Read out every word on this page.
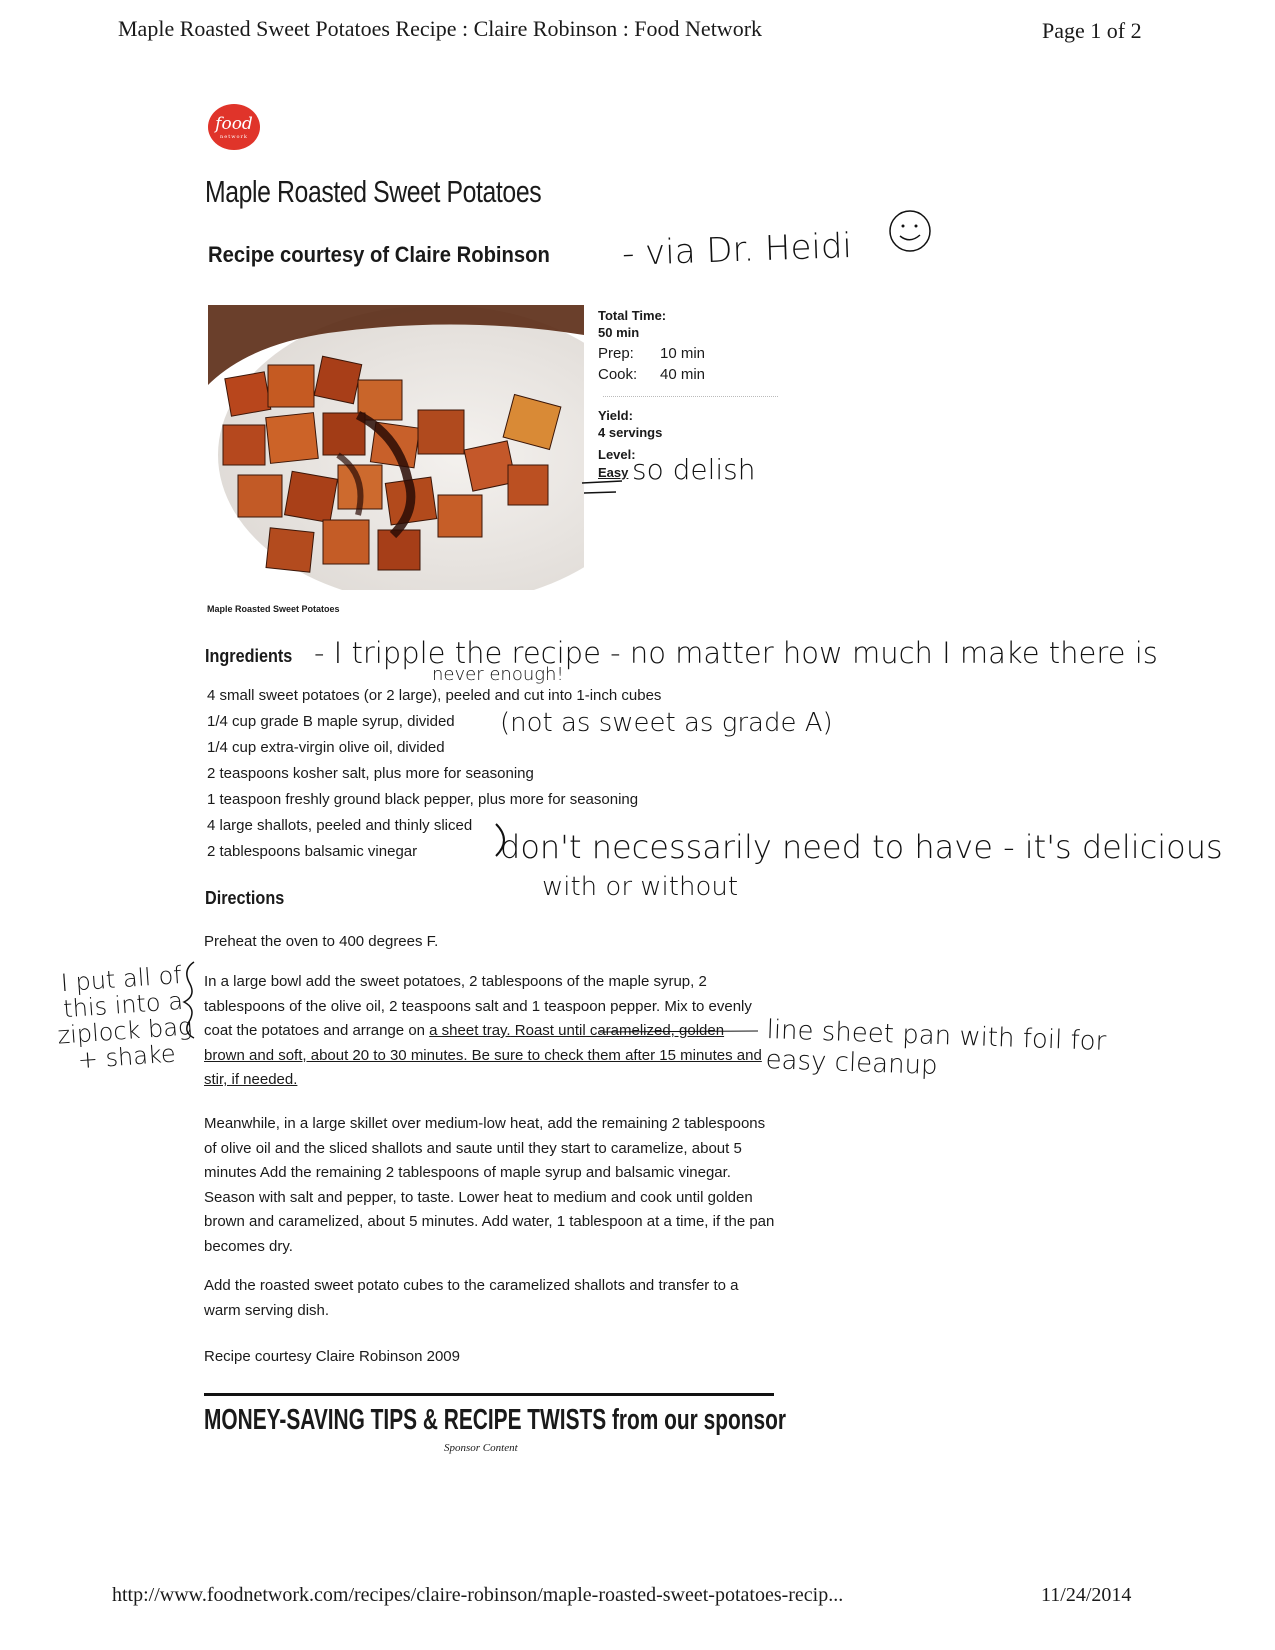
Maple Roasted Sweet Potatoes Recipe : Claire Robinson : Food Network	Page 1 of 2
food
network
Maple Roasted Sweet Potatoes
Recipe courtesy of Claire Robinson
Maple Roasted Sweet Potatoes
Total Time:
50 min
Prep: 10 min
Cook: 40 min
Yield:
4 servings
Level:
Easy
Ingredients
4 small sweet potatoes (or 2 large), peeled and cut into 1-inch cubes
1/4 cup grade B maple syrup, divided
1/4 cup extra-virgin olive oil, divided
2 teaspoons kosher salt, plus more for seasoning
1 teaspoon freshly ground black pepper, plus more for seasoning
4 large shallots, peeled and thinly sliced
2 tablespoons balsamic vinegar
Directions
Preheat the oven to 400 degrees F.
In a large bowl add the sweet potatoes, 2 tablespoons of the maple syrup, 2 tablespoons of the olive oil, 2 teaspoons salt and 1 teaspoon pepper. Mix to evenly coat the potatoes and arrange on a sheet tray. Roast until caramelized, golden brown and soft, about 20 to 30 minutes. Be sure to check them after 15 minutes and stir, if needed.
Meanwhile, in a large skillet over medium-low heat, add the remaining 2 tablespoons of olive oil and the sliced shallots and saute until they start to caramelize, about 5 minutes Add the remaining 2 tablespoons of maple syrup and balsamic vinegar. Season with salt and pepper, to taste. Lower heat to medium and cook until golden brown and caramelized, about 5 minutes. Add water, 1 tablespoon at a time, if the pan becomes dry.
Add the roasted sweet potato cubes to the caramelized shallots and transfer to a warm serving dish.
Recipe courtesy Claire Robinson 2009
MONEY-SAVING TIPS & RECIPE TWISTS from our sponsor
Sponsor Content
http://www.foodnetwork.com/recipes/claire-robinson/maple-roasted-sweet-potatoes-recip...	11/24/2014
- via Dr. Heidi
so delish
- I tripple the recipe - no matter how much I make there is
never enough!
(not as sweet as grade A)
don't necessarily need to have - it's delicious
with or without
I put all of this into a ziplock bag + shake
line sheet pan with foil for easy cleanup
